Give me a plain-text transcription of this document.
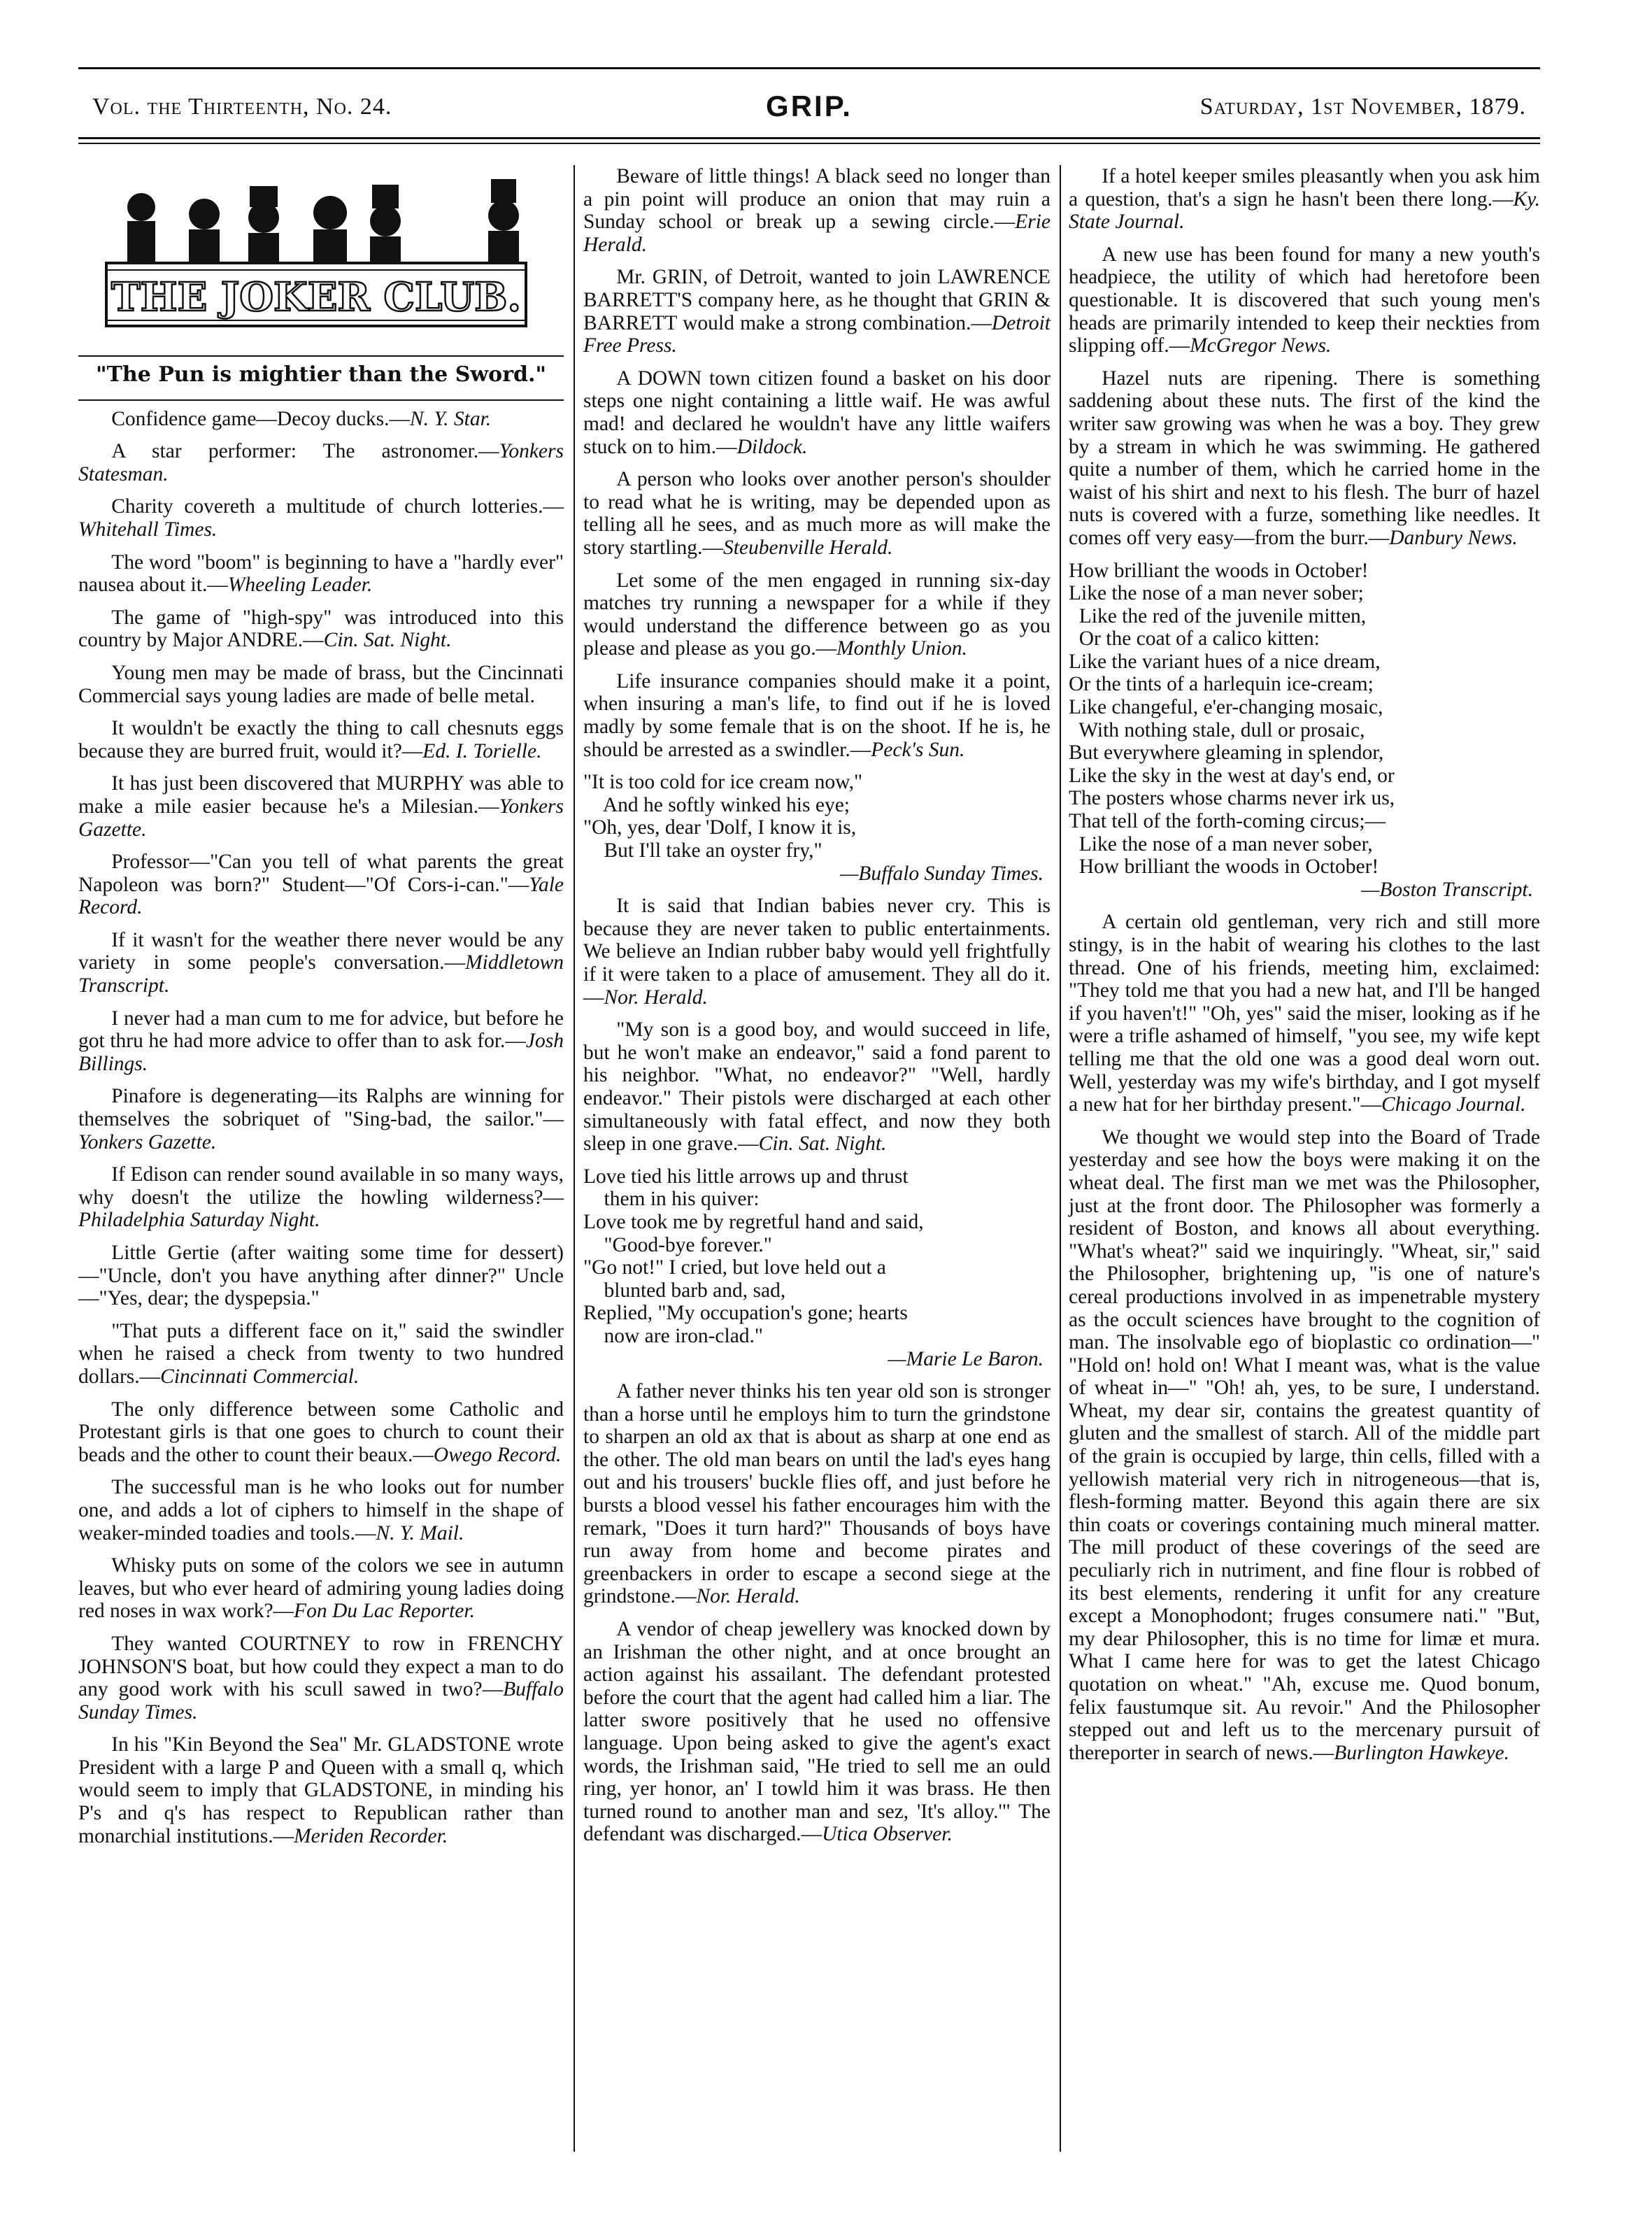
Vol. the Thirteenth, No. 24.	GRIP.	Saturday, 1st November, 1879.
THE JOKER CLUB.
"The Pun is mightier than the Sword."

Confidence game—Decoy ducks.—N. Y. Star.

A star performer: The astronomer.—Yonkers Statesman.

Charity covereth a multitude of church lotteries.—Whitehall Times.

The word "boom" is beginning to have a "hardly ever" nausea about it.—Wheeling Leader.

The game of "high-spy" was introduced into this country by Major ANDRE.—Cin. Sat. Night.

Young men may be made of brass, but the Cincinnati Commercial says young ladies are made of belle metal.

It wouldn't be exactly the thing to call chesnuts eggs because they are burred fruit, would it?—Ed. I. Torielle.

It has just been discovered that MURPHY was able to make a mile easier because he's a Milesian.—Yonkers Gazette.

Professor—"Can you tell of what parents the great Napoleon was born?" Student—"Of Cors-i-can."—Yale Record.

If it wasn't for the weather there never would be any variety in some people's conversation.—Middletown Transcript.

I never had a man cum to me for advice, but before he got thru he had more advice to offer than to ask for.—Josh Billings.

Pinafore is degenerating—its Ralphs are winning for themselves the sobriquet of "Sing-bad, the sailor."—Yonkers Gazette.

If Edison can render sound available in so many ways, why doesn't the utilize the howling wilderness?—Philadelphia Saturday Night.

Little Gertie (after waiting some time for dessert)—"Uncle, don't you have anything after dinner?" Uncle—"Yes, dear; the dyspepsia."

"That puts a different face on it," said the swindler when he raised a check from twenty to two hundred dollars.—Cincinnati Commercial.

The only difference between some Catholic and Protestant girls is that one goes to church to count their beads and the other to count their beaux.—Owego Record.

The successful man is he who looks out for number one, and adds a lot of ciphers to himself in the shape of weaker-minded toadies and tools.—N. Y. Mail.

Whisky puts on some of the colors we see in autumn leaves, but who ever heard of admiring young ladies doing red noses in wax work?—Fon Du Lac Reporter.

They wanted COURTNEY to row in FRENCHY JOHNSON'S boat, but how could they expect a man to do any good work with his scull sawed in two?—Buffalo Sunday Times.

In his "Kin Beyond the Sea" Mr. GLADSTONE wrote President with a large P and Queen with a small q, which would seem to imply that GLADSTONE, in minding his P's and q's has respect to Republican rather than monarchial institutions.—Meriden Recorder.

Beware of little things! A black seed no longer than a pin point will produce an onion that may ruin a Sunday school or break up a sewing circle.—Erie Herald.

Mr. GRIN, of Detroit, wanted to join LAWRENCE BARRETT'S company here, as he thought that GRIN & BARRETT would make a strong combination.—Detroit Free Press.

A DOWN town citizen found a basket on his door steps one night containing a little waif. He was awful mad! and declared he wouldn't have any little waifers stuck on to him.—Dildock.

A person who looks over another person's shoulder to read what he is writing, may be depended upon as telling all he sees, and as much more as will make the story startling.—Steubenville Herald.

Let some of the men engaged in running six-day matches try running a newspaper for a while if they would understand the difference between go as you please and please as you go.—Monthly Union.

Life insurance companies should make it a point, when insuring a man's life, to find out if he is loved madly by some female that is on the shoot. If he is, he should be arrested as a swindler.—Peck's Sun.

"It is too cold for ice cream now,"
And he softly winked his eye;
"Oh, yes, dear 'Dolf, I know it is,
But I'll take an oyster fry,"
—Buffalo Sunday Times.

It is said that Indian babies never cry. This is because they are never taken to public entertainments. We believe an Indian rubber baby would yell frightfully if it were taken to a place of amusement. They all do it.—Nor. Herald.

"My son is a good boy, and would succeed in life, but he won't make an endeavor," said a fond parent to his neighbor. "What, no endeavor?" "Well, hardly endeavor." Their pistols were discharged at each other simultaneously with fatal effect, and now they both sleep in one grave.—Cin. Sat. Night.

Love tied his little arrows up and thrust
them in his quiver:
Love took me by regretful hand and said,
"Good-bye forever."
"Go not!" I cried, but love held out a
blunted barb and, sad,
Replied, "My occupation's gone; hearts
now are iron-clad."
—Marie Le Baron.

A father never thinks his ten year old son is stronger than a horse until he employs him to turn the grindstone to sharpen an old ax that is about as sharp at one end as the other. The old man bears on until the lad's eyes hang out and his trousers' buckle flies off, and just before he bursts a blood vessel his father encourages him with the remark, "Does it turn hard?" Thousands of boys have run away from home and become pirates and greenbackers in order to escape a second siege at the grindstone.—Nor. Herald.

A vendor of cheap jewellery was knocked down by an Irishman the other night, and at once brought an action against his assailant. The defendant protested before the court that the agent had called him a liar. The latter swore positively that he used no offensive language. Upon being asked to give the agent's exact words, the Irishman said, "He tried to sell me an ould ring, yer honor, an' I towld him it was brass. He then turned round to another man and sez, 'It's alloy.'" The defendant was discharged.—Utica Observer.

If a hotel keeper smiles pleasantly when you ask him a question, that's a sign he hasn't been there long.—Ky. State Journal.

A new use has been found for many a new youth's headpiece, the utility of which had heretofore been questionable. It is discovered that such young men's heads are primarily intended to keep their neckties from slipping off.—McGregor News.

Hazel nuts are ripening. There is something saddening about these nuts. The first of the kind the writer saw growing was when he was a boy. They grew by a stream in which he was swimming. He gathered quite a number of them, which he carried home in the waist of his shirt and next to his flesh. The burr of hazel nuts is covered with a furze, something like needles. It comes off very easy—from the burr.—Danbury News.

How brilliant the woods in October!
Like the nose of a man never sober;
Like the red of the juvenile mitten,
Or the coat of a calico kitten:
Like the variant hues of a nice dream,
Or the tints of a harlequin ice-cream;
Like changeful, e'er-changing mosaic,
With nothing stale, dull or prosaic,
But everywhere gleaming in splendor,
Like the sky in the west at day's end, or
The posters whose charms never irk us,
That tell of the forth-coming circus;—
Like the nose of a man never sober,
How brilliant the woods in October!
—Boston Transcript.

A certain old gentleman, very rich and still more stingy, is in the habit of wearing his clothes to the last thread. One of his friends, meeting him, exclaimed: "They told me that you had a new hat, and I'll be hanged if you haven't!" "Oh, yes" said the miser, looking as if he were a trifle ashamed of himself, "you see, my wife kept telling me that the old one was a good deal worn out. Well, yesterday was my wife's birthday, and I got myself a new hat for her birthday present."—Chicago Journal.

We thought we would step into the Board of Trade yesterday and see how the boys were making it on the wheat deal. The first man we met was the Philosopher, just at the front door. The Philosopher was formerly a resident of Boston, and knows all about everything. "What's wheat?" said we inquiringly. "Wheat, sir," said the Philosopher, brightening up, "is one of nature's cereal productions involved in as impenetrable mystery as the occult sciences have brought to the cognition of man. The insolvable ego of bioplastic co ordination—" "Hold on! hold on! What I meant was, what is the value of wheat in—" "Oh! ah, yes, to be sure, I understand. Wheat, my dear sir, contains the greatest quantity of gluten and the smallest of starch. All of the middle part of the grain is occupied by large, thin cells, filled with a yellowish material very rich in nitrogeneous—that is, flesh-forming matter. Beyond this again there are six thin coats or coverings containing much mineral matter. The mill product of these coverings of the seed are peculiarly rich in nutriment, and fine flour is robbed of its best elements, rendering it unfit for any creature except a Monophodont; fruges consumere nati." "But, my dear Philosopher, this is no time for limæ et mura. What I came here for was to get the latest Chicago quotation on wheat." "Ah, excuse me. Quod bonum, felix faustumque sit. Au revoir." And the Philosopher stepped out and left us to the mercenary pursuit of thereporter in search of news.—Burlington Hawkeye.
